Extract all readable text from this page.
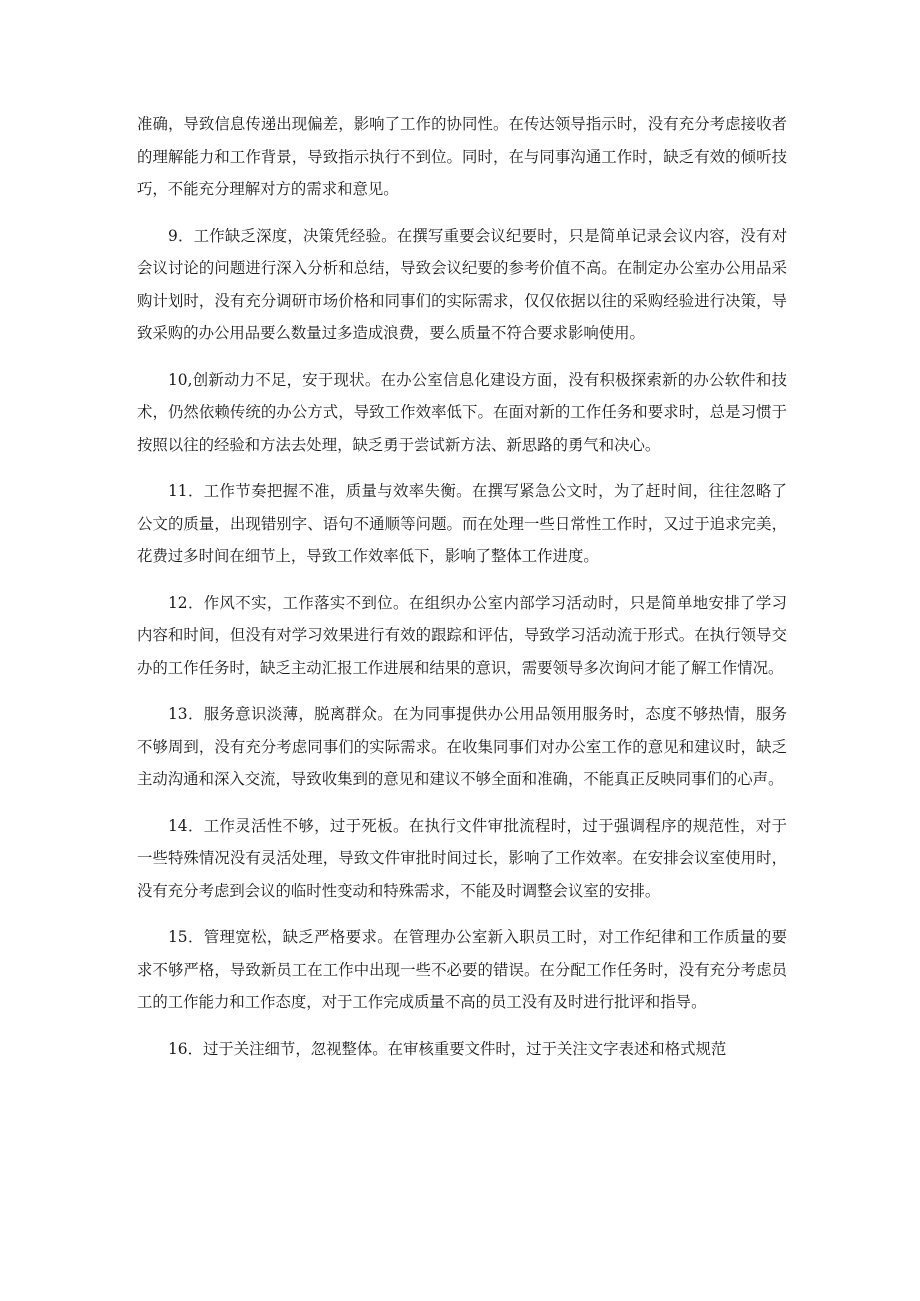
准确，导致信息传递出现偏差，影响了工作的协同性。在传达领导指示时，没有充分考虑接收者的理解能力和工作背景，导致指示执行不到位。同时，在与同事沟通工作时，缺乏有效的倾听技巧，不能充分理解对方的需求和意见。

9．工作缺乏深度，决策凭经验。在撰写重要会议纪要时，只是简单记录会议内容，没有对会议讨论的问题进行深入分析和总结，导致会议纪要的参考价值不高。在制定办公室办公用品采购计划时，没有充分调研市场价格和同事们的实际需求，仅仅依据以往的采购经验进行决策，导致采购的办公用品要么数量过多造成浪费，要么质量不符合要求影响使用。

10,创新动力不足，安于现状。在办公室信息化建设方面，没有积极探索新的办公软件和技术，仍然依赖传统的办公方式，导致工作效率低下。在面对新的工作任务和要求时，总是习惯于按照以往的经验和方法去处理，缺乏勇于尝试新方法、新思路的勇气和决心。

11．工作节奏把握不准，质量与效率失衡。在撰写紧急公文时，为了赶时间，往往忽略了公文的质量，出现错别字、语句不通顺等问题。而在处理一些日常性工作时，又过于追求完美，花费过多时间在细节上，导致工作效率低下，影响了整体工作进度。

12．作风不实，工作落实不到位。在组织办公室内部学习活动时，只是简单地安排了学习内容和时间，但没有对学习效果进行有效的跟踪和评估，导致学习活动流于形式。在执行领导交办的工作任务时，缺乏主动汇报工作进展和结果的意识，需要领导多次询问才能了解工作情况。

13．服务意识淡薄，脱离群众。在为同事提供办公用品领用服务时，态度不够热情，服务不够周到，没有充分考虑同事们的实际需求。在收集同事们对办公室工作的意见和建议时，缺乏主动沟通和深入交流，导致收集到的意见和建议不够全面和准确，不能真正反映同事们的心声。

14．工作灵活性不够，过于死板。在执行文件审批流程时，过于强调程序的规范性，对于一些特殊情况没有灵活处理，导致文件审批时间过长，影响了工作效率。在安排会议室使用时，没有充分考虑到会议的临时性变动和特殊需求，不能及时调整会议室的安排。

15．管理宽松，缺乏严格要求。在管理办公室新入职员工时，对工作纪律和工作质量的要求不够严格，导致新员工在工作中出现一些不必要的错误。在分配工作任务时，没有充分考虑员工的工作能力和工作态度，对于工作完成质量不高的员工没有及时进行批评和指导。

16．过于关注细节，忽视整体。在审核重要文件时，过于关注文字表述和格式规范
